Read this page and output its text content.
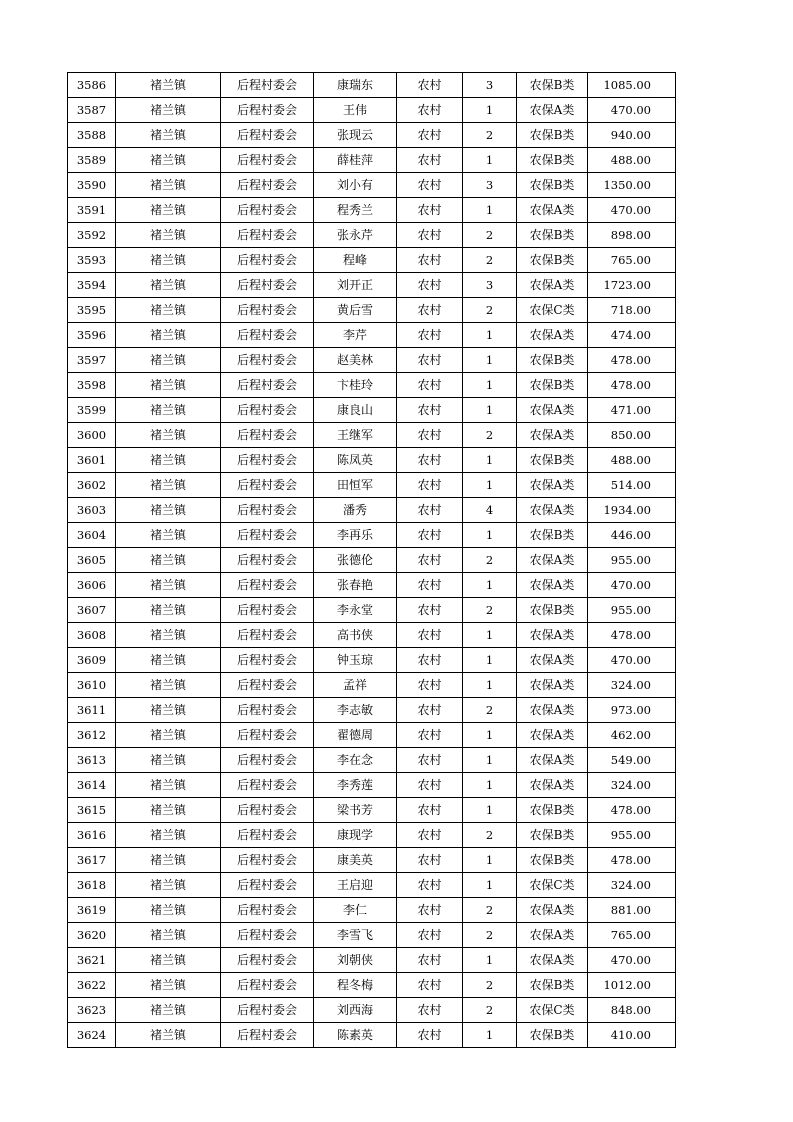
3586	褚兰镇	后程村委会	康瑞东	农村	3	农保B类	1085.00
3587	褚兰镇	后程村委会	王伟	农村	1	农保A类	470.00
3588	褚兰镇	后程村委会	张现云	农村	2	农保B类	940.00
3589	褚兰镇	后程村委会	薛桂萍	农村	1	农保B类	488.00
3590	褚兰镇	后程村委会	刘小有	农村	3	农保B类	1350.00
3591	褚兰镇	后程村委会	程秀兰	农村	1	农保A类	470.00
3592	褚兰镇	后程村委会	张永芹	农村	2	农保B类	898.00
3593	褚兰镇	后程村委会	程峰	农村	2	农保B类	765.00
3594	褚兰镇	后程村委会	刘开正	农村	3	农保A类	1723.00
3595	褚兰镇	后程村委会	黄后雪	农村	2	农保C类	718.00
3596	褚兰镇	后程村委会	李芹	农村	1	农保A类	474.00
3597	褚兰镇	后程村委会	赵美林	农村	1	农保B类	478.00
3598	褚兰镇	后程村委会	卞桂玲	农村	1	农保B类	478.00
3599	褚兰镇	后程村委会	康良山	农村	1	农保A类	471.00
3600	褚兰镇	后程村委会	王继军	农村	2	农保A类	850.00
3601	褚兰镇	后程村委会	陈凤英	农村	1	农保B类	488.00
3602	褚兰镇	后程村委会	田恒军	农村	1	农保A类	514.00
3603	褚兰镇	后程村委会	潘秀	农村	4	农保A类	1934.00
3604	褚兰镇	后程村委会	李再乐	农村	1	农保B类	446.00
3605	褚兰镇	后程村委会	张德伦	农村	2	农保A类	955.00
3606	褚兰镇	后程村委会	张春艳	农村	1	农保A类	470.00
3607	褚兰镇	后程村委会	李永堂	农村	2	农保B类	955.00
3608	褚兰镇	后程村委会	高书侠	农村	1	农保A类	478.00
3609	褚兰镇	后程村委会	钟玉琼	农村	1	农保A类	470.00
3610	褚兰镇	后程村委会	孟祥	农村	1	农保A类	324.00
3611	褚兰镇	后程村委会	李志敏	农村	2	农保A类	973.00
3612	褚兰镇	后程村委会	翟德周	农村	1	农保A类	462.00
3613	褚兰镇	后程村委会	李在念	农村	1	农保A类	549.00
3614	褚兰镇	后程村委会	李秀莲	农村	1	农保A类	324.00
3615	褚兰镇	后程村委会	梁书芳	农村	1	农保B类	478.00
3616	褚兰镇	后程村委会	康现学	农村	2	农保B类	955.00
3617	褚兰镇	后程村委会	康美英	农村	1	农保B类	478.00
3618	褚兰镇	后程村委会	王启迎	农村	1	农保C类	324.00
3619	褚兰镇	后程村委会	李仁	农村	2	农保A类	881.00
3620	褚兰镇	后程村委会	李雪飞	农村	2	农保A类	765.00
3621	褚兰镇	后程村委会	刘朝侠	农村	1	农保A类	470.00
3622	褚兰镇	后程村委会	程冬梅	农村	2	农保B类	1012.00
3623	褚兰镇	后程村委会	刘西海	农村	2	农保C类	848.00
3624	褚兰镇	后程村委会	陈素英	农村	1	农保B类	410.00
